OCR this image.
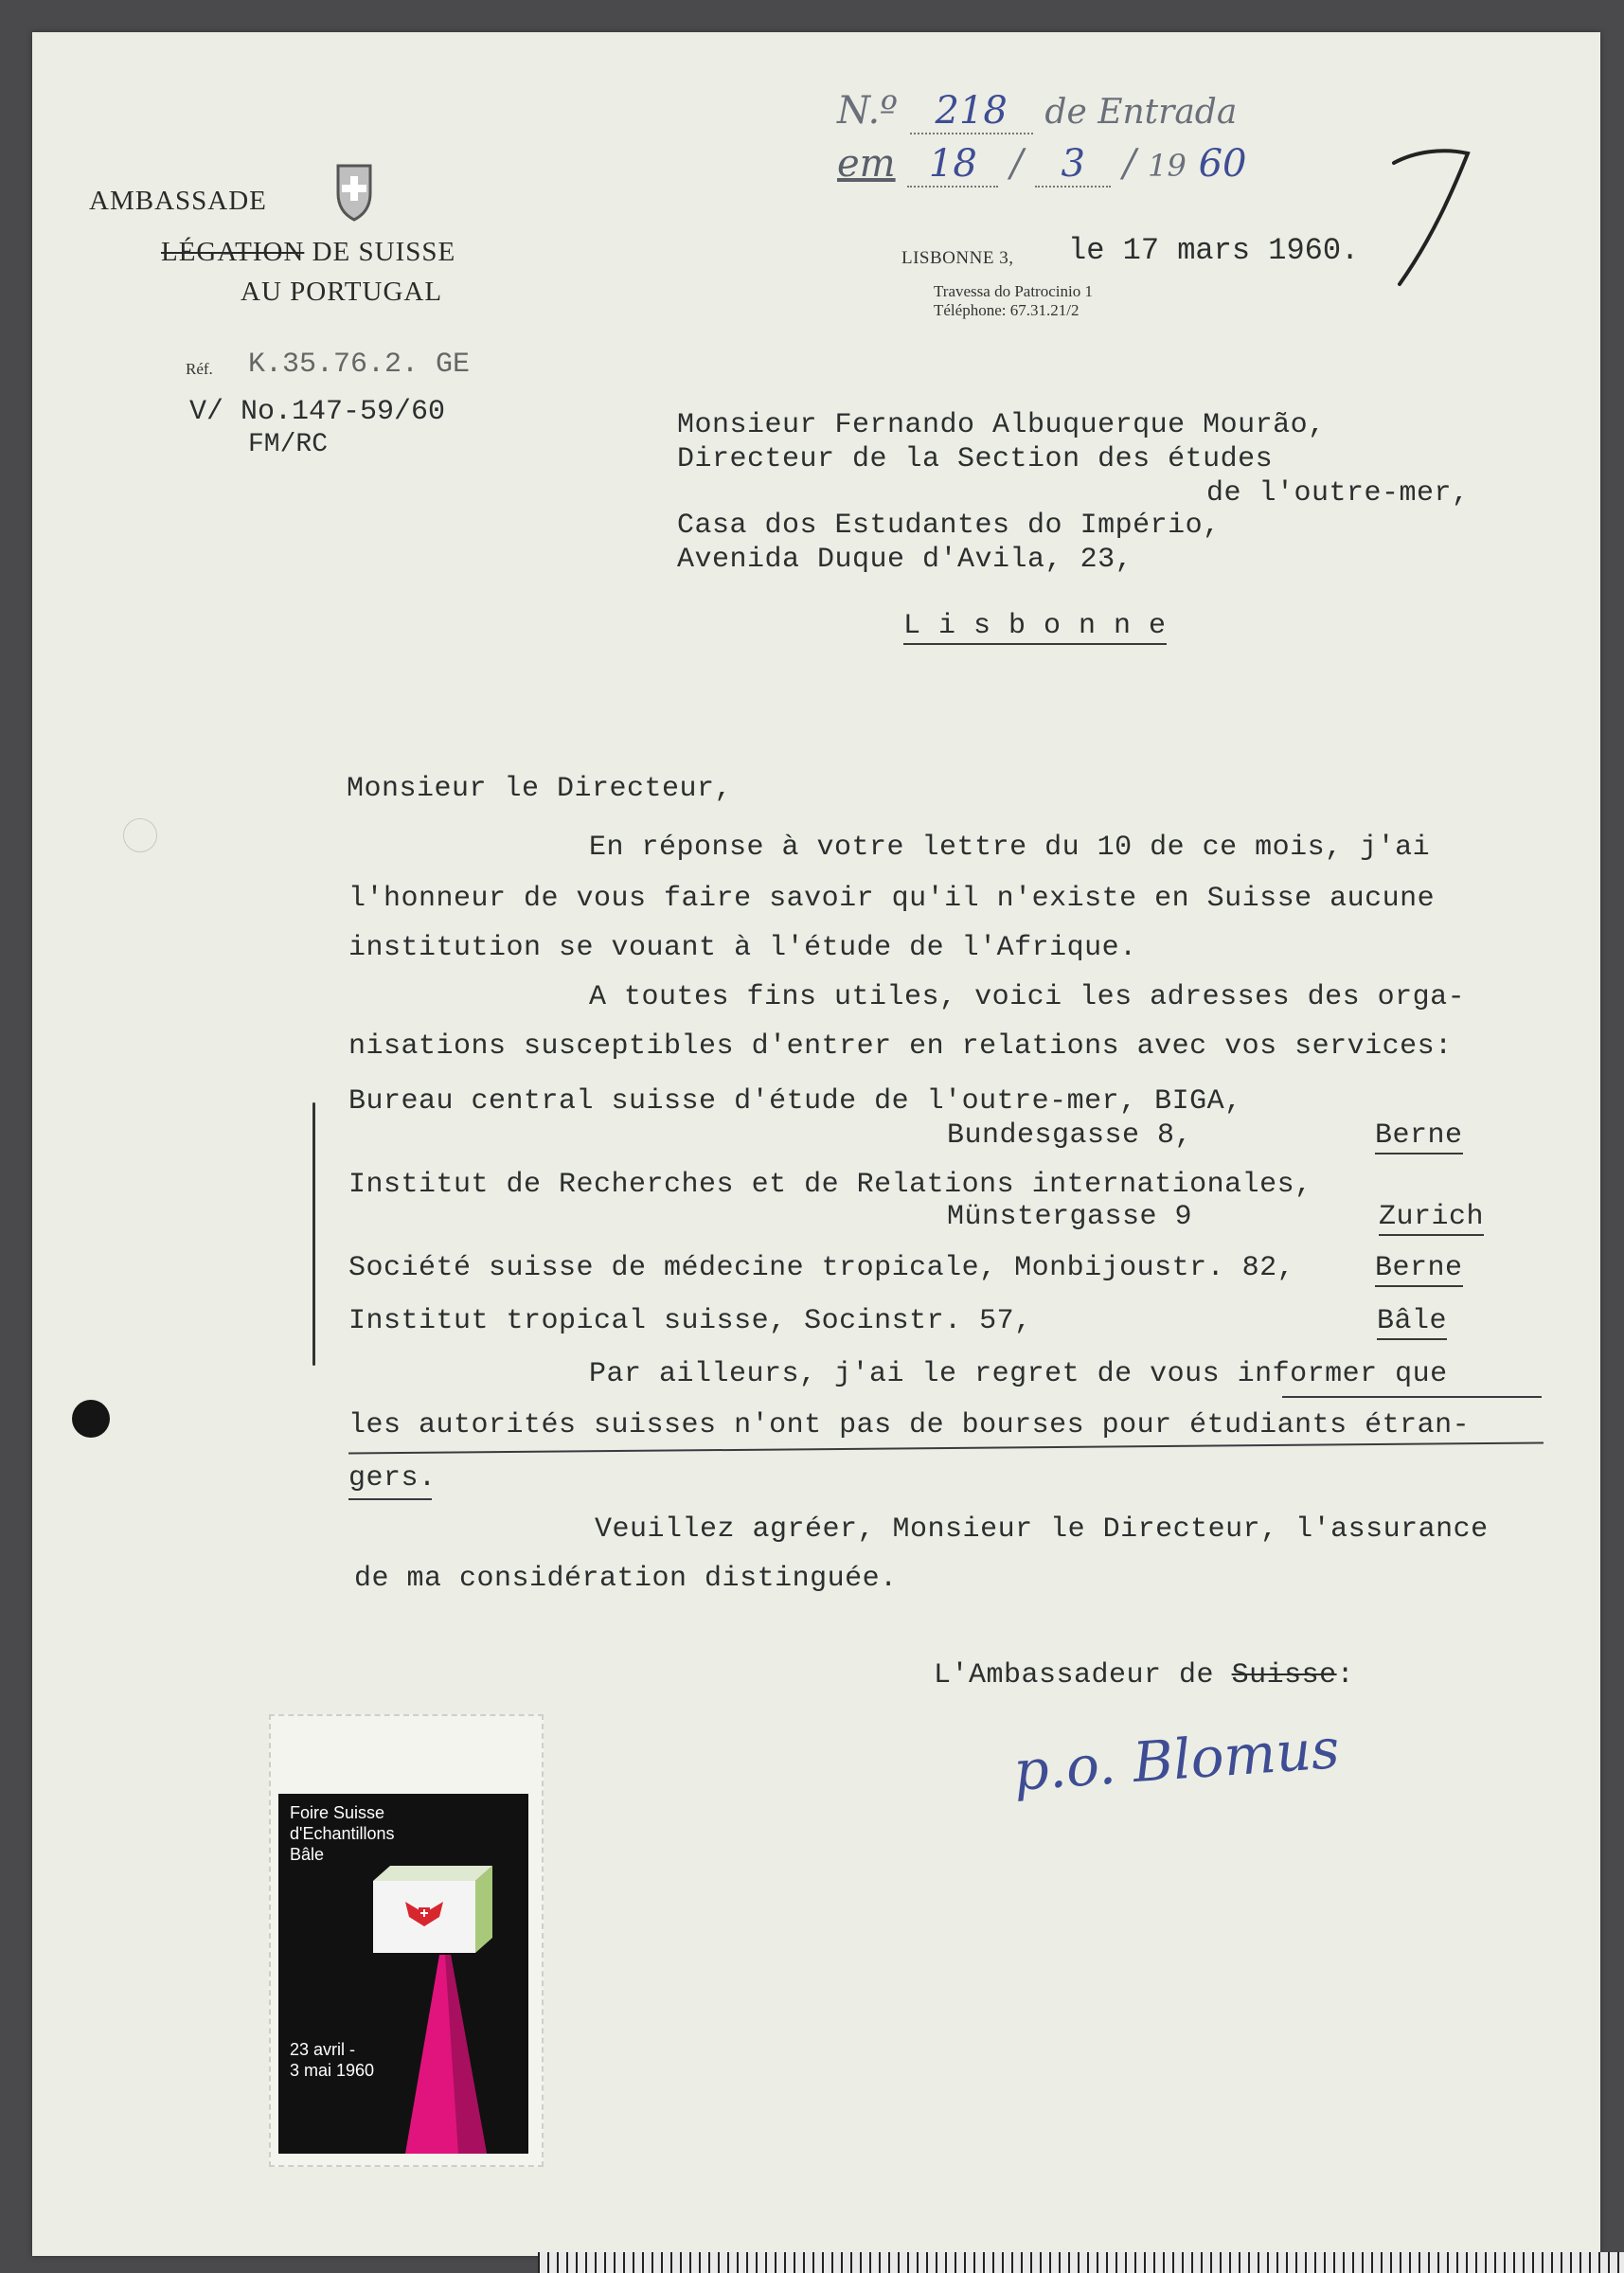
AMBASSADE
LÉGATION DE SUISSE
AU PORTUGAL
Réf. K.35.76.2. GE
V/ No.147-59/60
FM/RC
N.º 218 de Entrada
em 18 / 3 / 19 60
LISBONNE 3, le 17 mars 1960.
Travessa do Patrocinio 1
Téléphone: 67.31.21/2
Monsieur Fernando Albuquerque Mourão,
Directeur de la Section des études
de l'outre-mer,
Casa dos Estudantes do Império,
Avenida Duque d'Avila, 23,
L i s b o n n e
Monsieur le Directeur,
En réponse à votre lettre du 10 de ce mois, j'ai
l'honneur de vous faire savoir qu'il n'existe en Suisse aucune
institution se vouant à l'étude de l'Afrique.
A toutes fins utiles, voici les adresses des orga-
nisations susceptibles d'entrer en relations avec vos services:
Bureau central suisse d'étude de l'outre-mer, BIGA,
Bundesgasse 8,	Berne
Institut de Recherches et de Relations internationales,
Münstergasse 9	Zurich
Société suisse de médecine tropicale, Monbijoustr. 82,	Berne
Institut tropical suisse, Socinstr. 57,	Bâle
Par ailleurs, j'ai le regret de vous informer que
les autorités suisses n'ont pas de bourses pour étudiants étran-
gers.
Veuillez agréer, Monsieur le Directeur, l'assurance
de ma considération distinguée.
L'Ambassadeur de Suisse:
p.o. Blomus
Foire Suisse
d'Echantillons
Bâle
23 avril -
3 mai 1960
